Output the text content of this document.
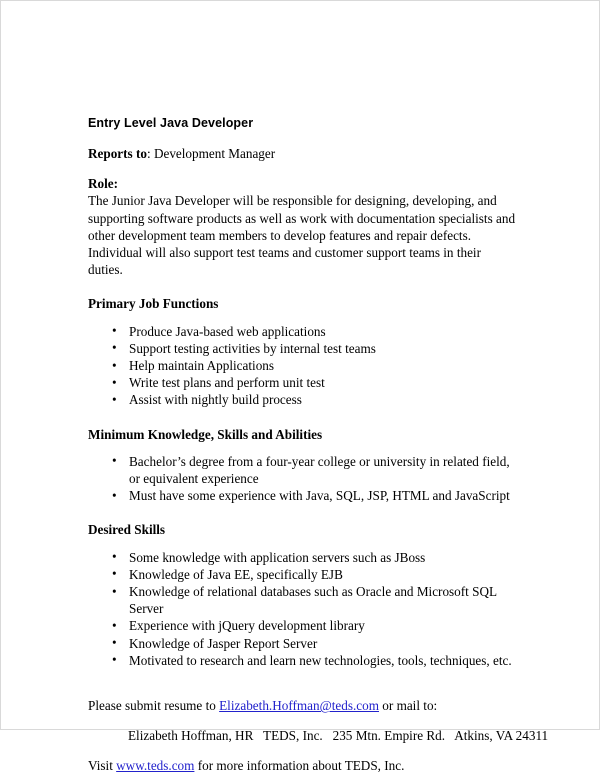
Entry Level Java Developer

Reports to: Development Manager

Role:

The Junior Java Developer will be responsible for designing, developing, and supporting software products as well as work with documentation specialists and other development team members to develop features and repair defects. Individual will also support test teams and customer support teams in their duties.

Primary Job Functions

• Produce Java-based web applications
• Support testing activities by internal test teams
• Help maintain Applications
• Write test plans and perform unit test
• Assist with nightly build process

Minimum Knowledge, Skills and Abilities

• Bachelor’s degree from a four-year college or university in related field, or equivalent experience
• Must have some experience with Java, SQL, JSP, HTML and JavaScript

Desired Skills

• Some knowledge with application servers such as JBoss
• Knowledge of Java EE, specifically EJB
• Knowledge of relational databases such as Oracle and Microsoft SQL Server
• Experience with jQuery development library
• Knowledge of Jasper Report Server
• Motivated to research and learn new technologies, tools, techniques, etc.

Please submit resume to Elizabeth.Hoffman@teds.com or mail to:

Elizabeth Hoffman, HR   TEDS, Inc.   235 Mtn. Empire Rd.   Atkins, VA 24311

Visit www.teds.com for more information about TEDS, Inc.
